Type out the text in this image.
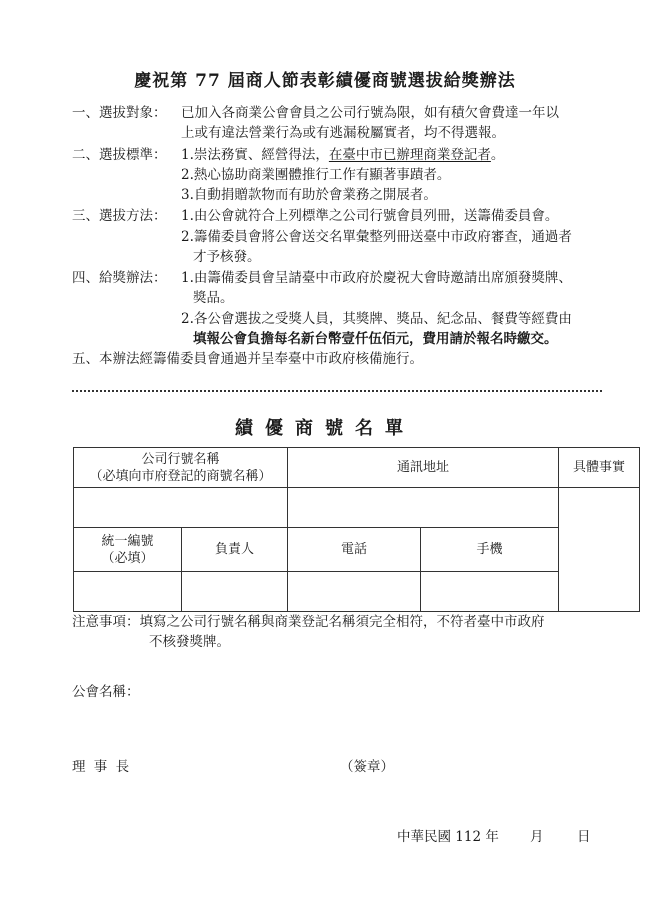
慶祝第 77 屆商人節表彰績優商號選拔給獎辦法
一、選拔對象： 已加入各商業公會會員之公司行號為限，如有積欠會費達一年以
上或有違法營業行為或有逃漏稅屬實者，均不得選報。
二、選拔標準： 1.崇法務實、經營得法，在臺中市已辦理商業登記者。
2.熱心協助商業團體推行工作有顯著事蹟者。
3.自動捐贈款物而有助於會業務之開展者。
三、選拔方法： 1.由公會就符合上列標準之公司行號會員列冊，送籌備委員會。
2.籌備委員會將公會送交名單彙整列冊送臺中市政府審查，通過者
才予核發。
四、給獎辦法： 1.由籌備委員會呈請臺中市政府於慶祝大會時邀請出席頒發獎牌、
獎品。
2.各公會選拔之受獎人員，其獎牌、獎品、紀念品、餐費等經費由
填報公會負擔每名新台幣壹仟伍佰元，費用請於報名時繳交。
五、本辦法經籌備委員會通過并呈奉臺中市政府核備施行。
績優商號名單
公司行號名稱
（必填向市府登記的商號名稱）		通訊地址		具體事實

統一編號
（必填）	負責人	電話	手機	

注意事項：填寫之公司行號名稱與商業登記名稱須完全相符，不符者臺中市政府
不核發獎牌。
公會名稱：
理 事 長	（簽章）
中華民國 112 年 月 日
